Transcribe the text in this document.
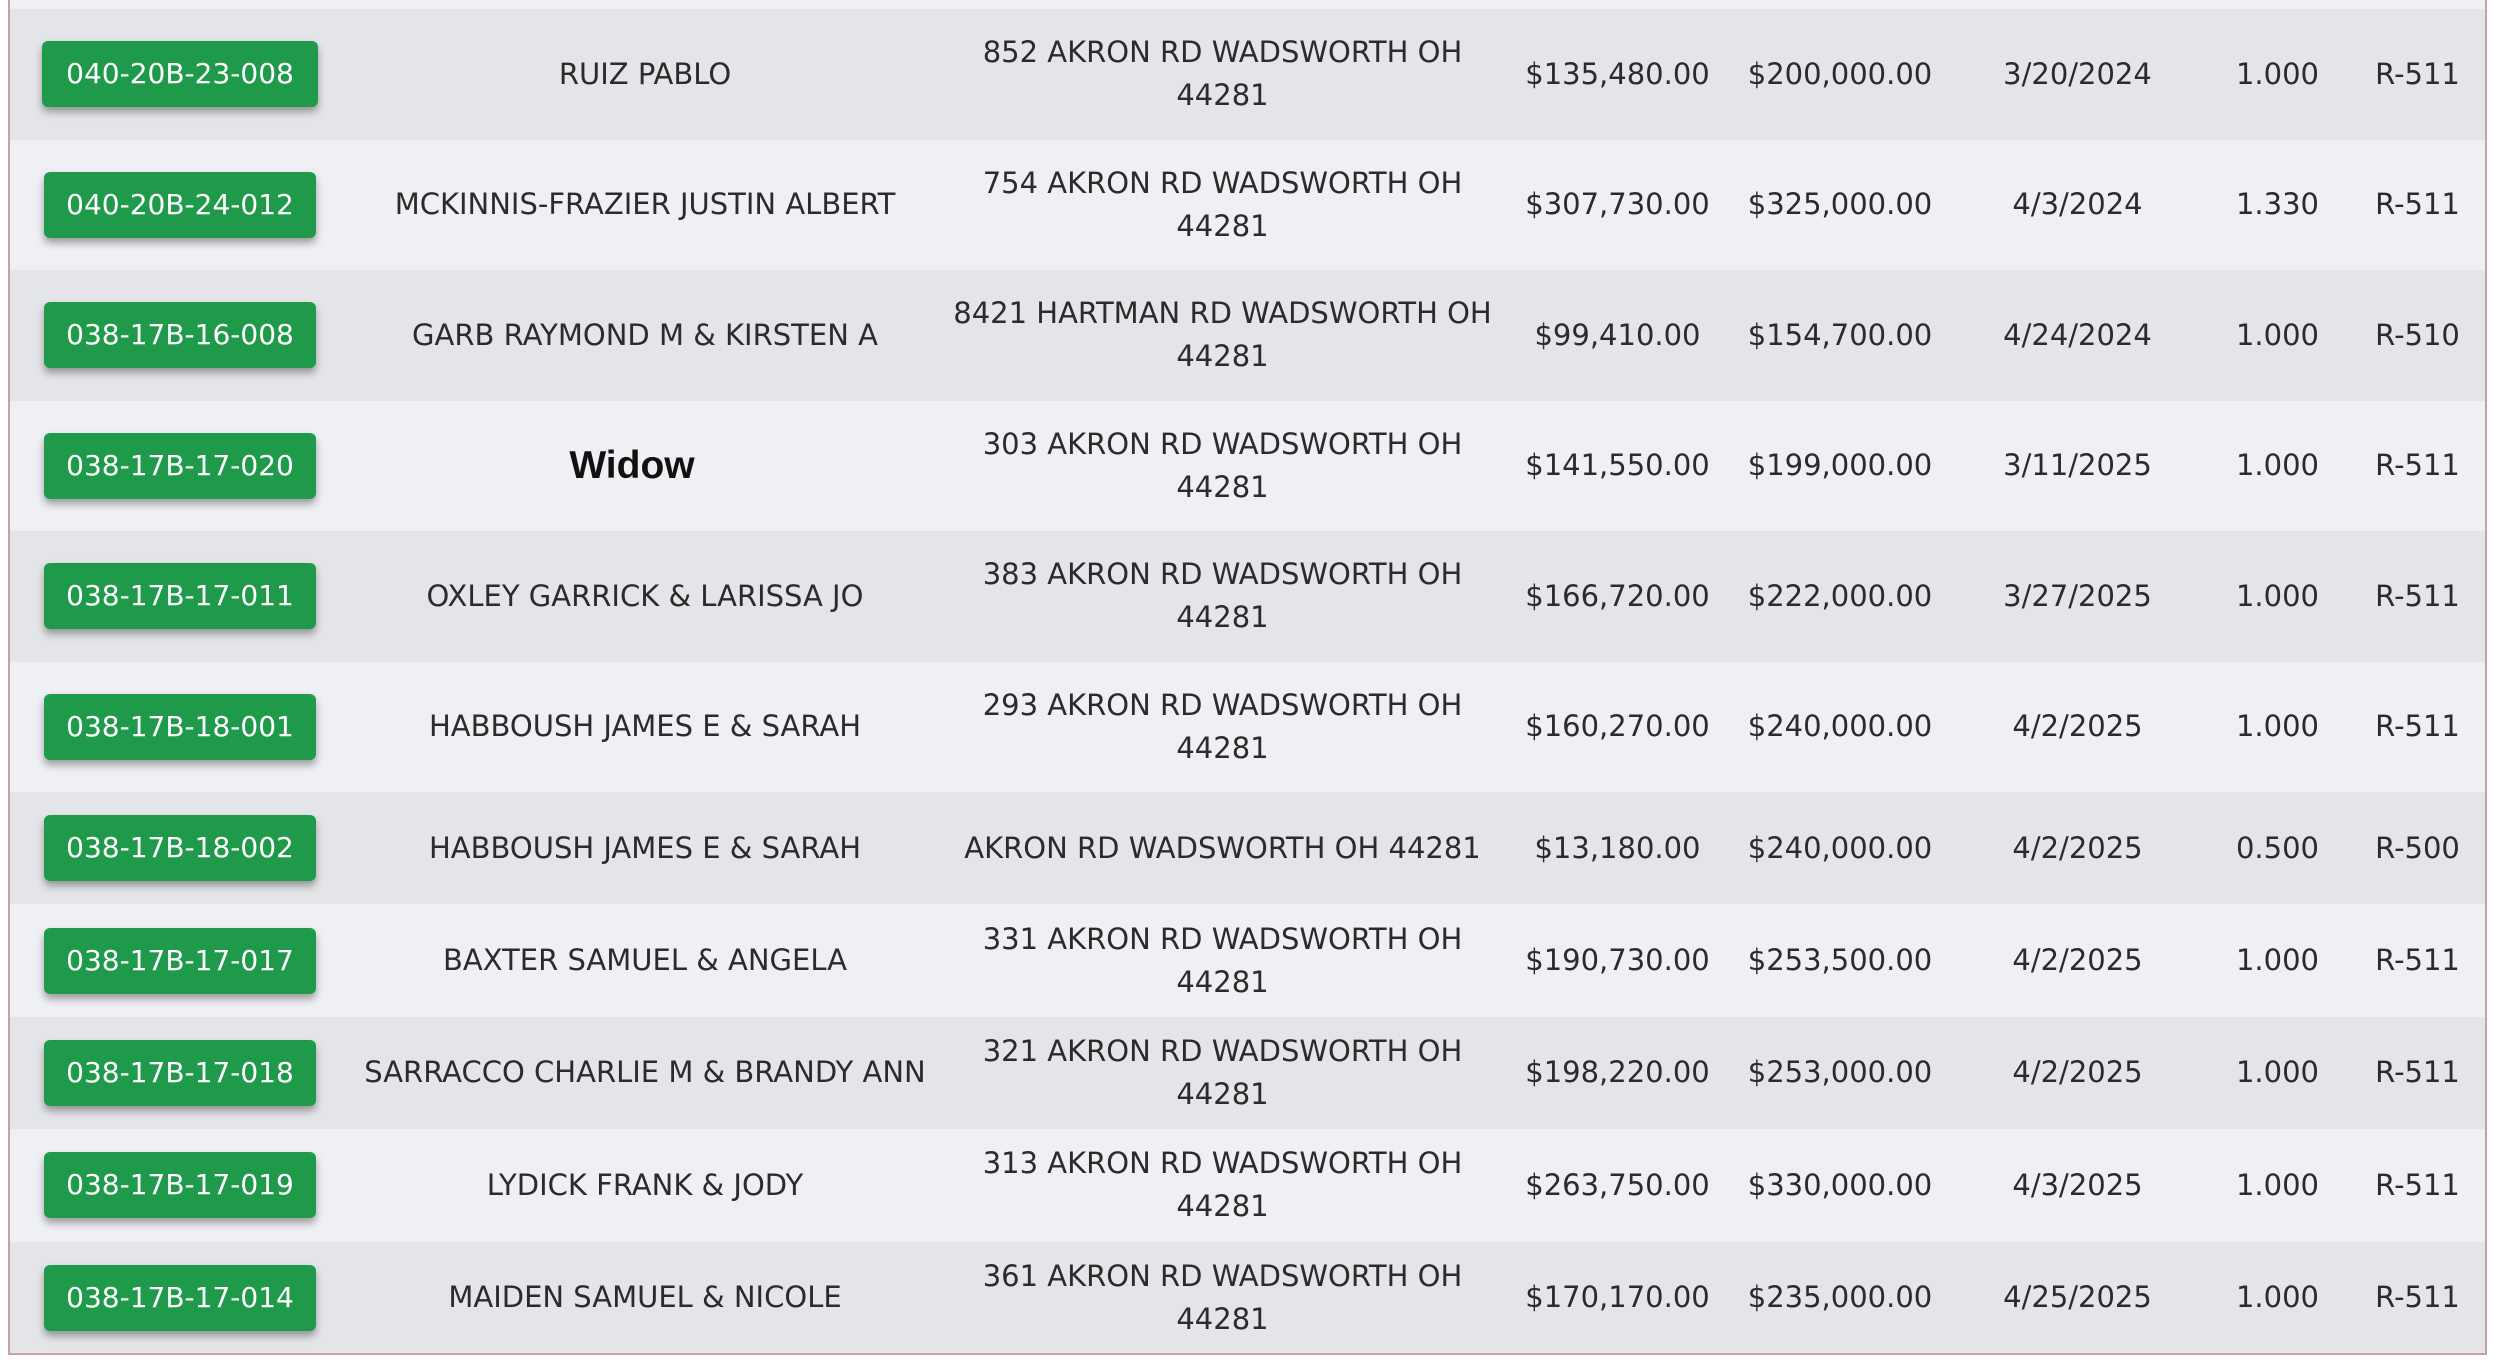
040-20B-23-008	RUIZ PABLO	852 AKRON RD WADSWORTH OH 44281	$135,480.00	$200,000.00	3/20/2024	1.000	R-511
040-20B-24-012	MCKINNIS-FRAZIER JUSTIN ALBERT	754 AKRON RD WADSWORTH OH 44281	$307,730.00	$325,000.00	4/3/2024	1.330	R-511
038-17B-16-008	GARB RAYMOND M & KIRSTEN A	8421 HARTMAN RD WADSWORTH OH 44281	$99,410.00	$154,700.00	4/24/2024	1.000	R-510
038-17B-17-020	Widow	303 AKRON RD WADSWORTH OH 44281	$141,550.00	$199,000.00	3/11/2025	1.000	R-511
038-17B-17-011	OXLEY GARRICK & LARISSA JO	383 AKRON RD WADSWORTH OH 44281	$166,720.00	$222,000.00	3/27/2025	1.000	R-511
038-17B-18-001	HABBOUSH JAMES E & SARAH	293 AKRON RD WADSWORTH OH 44281	$160,270.00	$240,000.00	4/2/2025	1.000	R-511
038-17B-18-002	HABBOUSH JAMES E & SARAH	AKRON RD WADSWORTH OH 44281	$13,180.00	$240,000.00	4/2/2025	0.500	R-500
038-17B-17-017	BAXTER SAMUEL & ANGELA	331 AKRON RD WADSWORTH OH 44281	$190,730.00	$253,500.00	4/2/2025	1.000	R-511
038-17B-17-018	SARRACCO CHARLIE M & BRANDY ANN	321 AKRON RD WADSWORTH OH 44281	$198,220.00	$253,000.00	4/2/2025	1.000	R-511
038-17B-17-019	LYDICK FRANK & JODY	313 AKRON RD WADSWORTH OH 44281	$263,750.00	$330,000.00	4/3/2025	1.000	R-511
038-17B-17-014	MAIDEN SAMUEL & NICOLE	361 AKRON RD WADSWORTH OH 44281	$170,170.00	$235,000.00	4/25/2025	1.000	R-511
